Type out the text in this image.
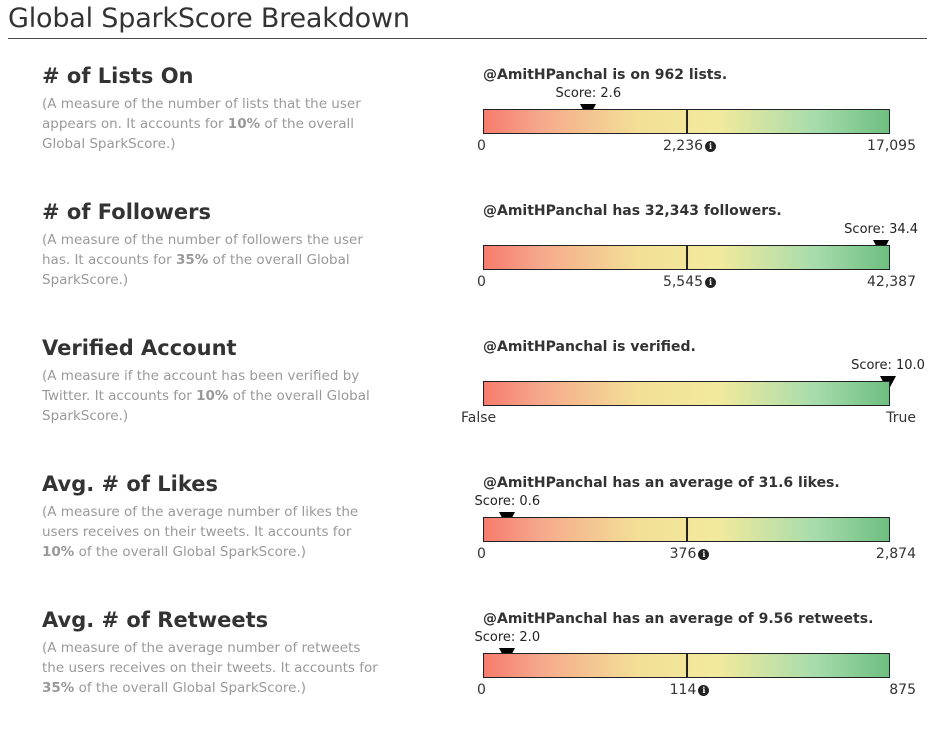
Global SparkScore Breakdown
# of Lists On
(A measure of the number of lists that the user appears on. It accounts for 10% of the overall Global SparkScore.)
@AmitHPanchal is on 962 lists.
Score: 2.6
0	2,236 i	17,095
# of Followers
(A measure of the number of followers the user has. It accounts for 35% of the overall Global SparkScore.)
@AmitHPanchal has 32,343 followers.
Score: 34.4
0	5,545 i	42,387
Verified Account
(A measure if the account has been verified by Twitter. It accounts for 10% of the overall Global SparkScore.)
@AmitHPanchal is verified.
Score: 10.0
False	True
Avg. # of Likes
(A measure of the average number of likes the users receives on their tweets. It accounts for 10% of the overall Global SparkScore.)
@AmitHPanchal has an average of 31.6 likes.
Score: 0.6
0	376 i	2,874
Avg. # of Retweets
(A measure of the average number of retweets the users receives on their tweets. It accounts for 35% of the overall Global SparkScore.)
@AmitHPanchal has an average of 9.56 retweets.
Score: 2.0
0	114 i	875
